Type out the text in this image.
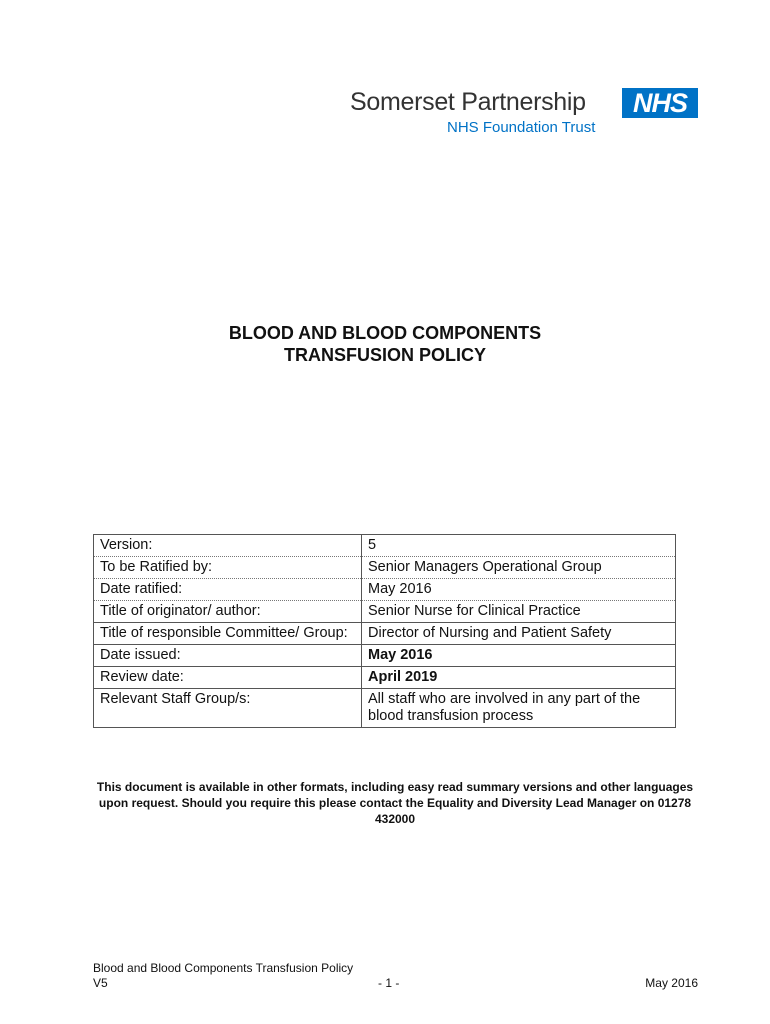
Somerset Partnership	NHS
NHS Foundation Trust
BLOOD AND BLOOD COMPONENTS
TRANSFUSION POLICY
Version:	5
To be Ratified by:	Senior Managers Operational Group
Date ratified:	May 2016
Title of originator/ author:	Senior Nurse for Clinical Practice
Title of responsible Committee/ Group:	Director of Nursing and Patient Safety
Date issued:	May 2016
Review date:	April 2019
Relevant Staff Group/s:	All staff who are involved in any part of the blood transfusion process

This document is available in other formats, including easy read summary versions and other languages upon request. Should you require this please contact the Equality and Diversity Lead Manager on 01278 432000

Blood and Blood Components Transfusion Policy
V5	- 1 -	May 2016
